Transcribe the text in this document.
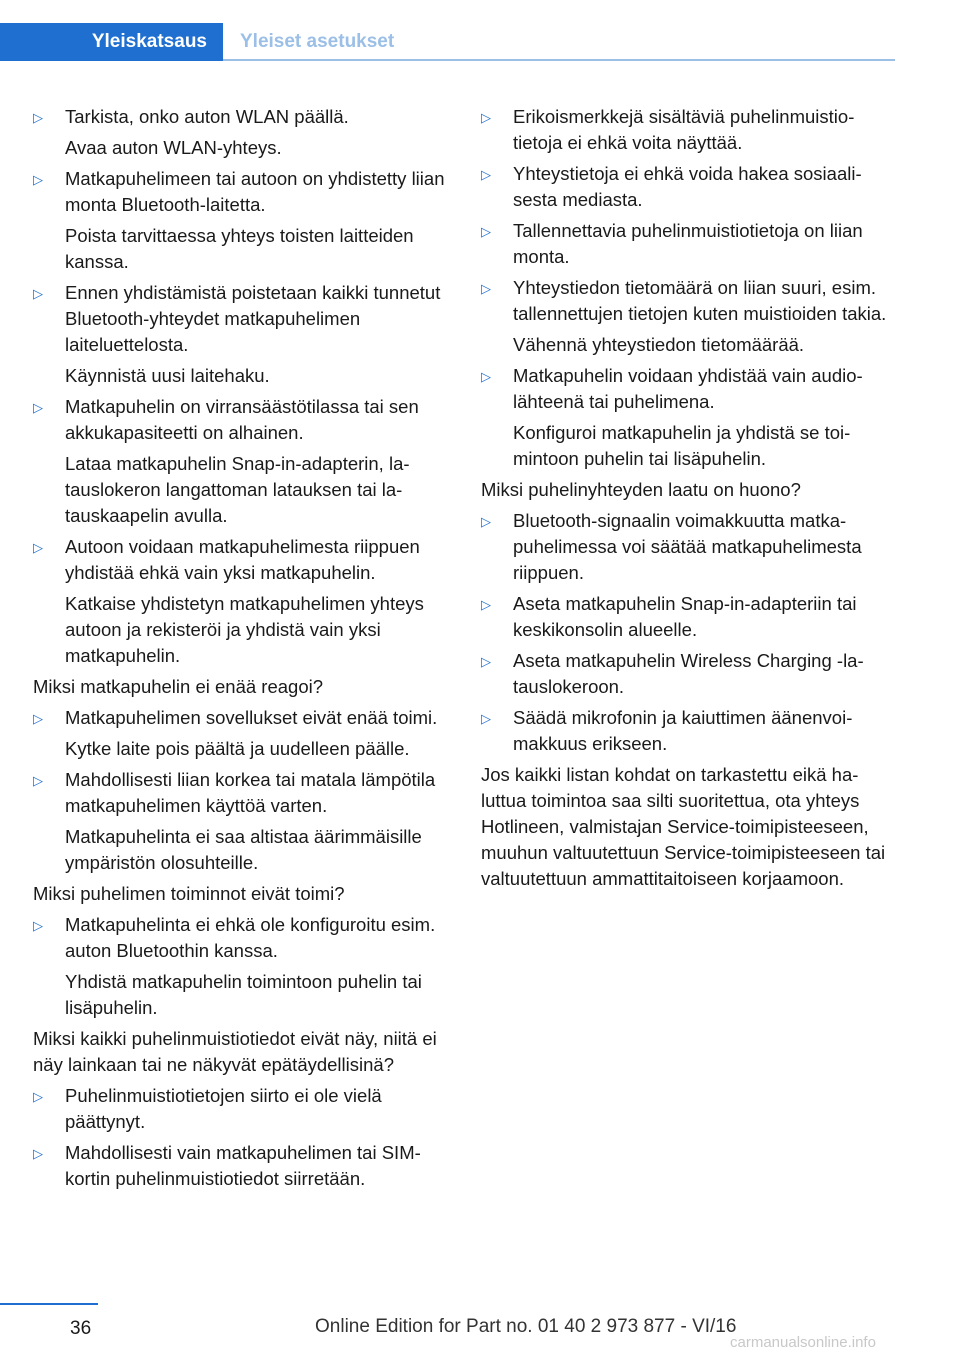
Yleiskatsaus Yleiset asetukset
▷	Tarkista, onko auton WLAN päällä.

Avaa auton WLAN-yhteys.

▷	Matkapuhelimeen tai autoon on yhdistetty liian monta Bluetooth-laitetta.

Poista tarvittaessa yhteys toisten laitteiden kanssa.

▷	Ennen yhdistämistä poistetaan kaikki tunnetut Bluetooth-yhteydet matkapuhelimen laiteluettelosta.

Käynnistä uusi laitehaku.

▷	Matkapuhelin on virransäästötilassa tai sen akkukapasiteetti on alhainen.

Lataa matkapuhelin Snap-in-adapterin, latauslokeron langattoman latauksen tai latauskaapelin avulla.

▷	Autoon voidaan matkapuhelimesta riippuen yhdistää ehkä vain yksi matkapuhelin.

Katkaise yhdistetyn matkapuhelimen yhteys autoon ja rekisteröi ja yhdistä vain yksi matkapuhelin.

Miksi matkapuhelin ei enää reagoi?

▷	Matkapuhelimen sovellukset eivät enää toimi.

Kytke laite pois päältä ja uudelleen päälle.

▷	Mahdollisesti liian korkea tai matala lämpötila matkapuhelimen käyttöä varten.

Matkapuhelinta ei saa altistaa äärimmäisille ympäristön olosuhteille.

Miksi puhelimen toiminnot eivät toimi?

▷	Matkapuhelinta ei ehkä ole konfiguroitu esim. auton Bluetoothin kanssa.

Yhdistä matkapuhelin toimintoon puhelin tai lisäpuhelin.

Miksi kaikki puhelinmuistiotiedot eivät näy, niitä ei näy lainkaan tai ne näkyvät epätäydellisinä?

▷	Puhelinmuistiotietojen siirto ei ole vielä päättynyt.

▷	Mahdollisesti vain matkapuhelimen tai SIM-kortin puhelinmuistiotiedot siirretään.

▷	Erikoismerkkejä sisältäviä puhelinmuistiotietoja ei ehkä voita näyttää.

▷	Yhteystietoja ei ehkä voida hakea sosiaalisesta mediasta.

▷	Tallennettavia puhelinmuistiotietoja on liian monta.

▷	Yhteystiedon tietomäärä on liian suuri, esim. tallennettujen tietojen kuten muistioiden takia.

Vähennä yhteystiedon tietomäärää.

▷	Matkapuhelin voidaan yhdistää vain audiolähteenä tai puhelimena.

Konfiguroi matkapuhelin ja yhdistä se toimintoon puhelin tai lisäpuhelin.

Miksi puhelinyhteyden laatu on huono?

▷	Bluetooth-signaalin voimakkuutta matkapuhelimessa voi säätää matkapuhelimesta riippuen.

▷	Aseta matkapuhelin Snap-in-adapteriin tai keskikonsolin alueelle.

▷	Aseta matkapuhelin Wireless Charging -latauslokeroon.

▷	Säädä mikrofonin ja kaiuttimen äänenvoimakkuus erikseen.

Jos kaikki listan kohdat on tarkastettu eikä haluttua toimintoa saa silti suoritettua, ota yhteys Hotlineen, valmistajan Service-toimipisteeseen, muuhun valtuutettuun Service-toimipisteeseen tai valtuutettuun ammattitaitoiseen korjaamoon.

36	Online Edition for Part no. 01 40 2 973 877 - VI/16
carmanualsonline.info
